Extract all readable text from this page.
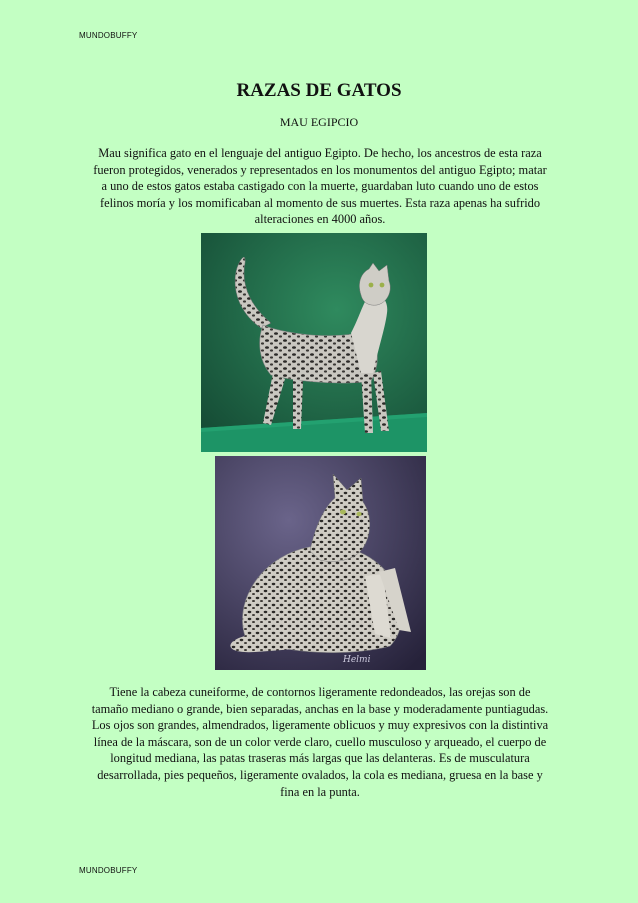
MUNDOBUFFY
RAZAS DE GATOS
MAU EGIPCIO
Mau significa gato en el lenguaje del antiguo Egipto. De hecho, los ancestros de esta raza fueron protegidos, venerados y representados en los monumentos del antiguo Egipto; matar a uno de estos gatos estaba castigado con la muerte, guardaban luto cuando uno de estos felinos moría y los momificaban al momento de sus muertes. Esta raza apenas ha sufrido alteraciones en 4000 años.
Helmi
Tiene la cabeza cuneiforme, de contornos ligeramente redondeados, las orejas son de tamaño mediano o grande, bien separadas, anchas en la base y moderadamente puntiagudas. Los ojos son grandes, almendrados, ligeramente oblicuos y muy expresivos con la distintiva línea de la máscara, son de un color verde claro, cuello musculoso y arqueado, el cuerpo de longitud mediana, las patas traseras más largas que las delanteras. Es de musculatura desarrollada, pies pequeños, ligeramente ovalados, la cola es mediana, gruesa en la base y fina en la punta.
MUNDOBUFFY
